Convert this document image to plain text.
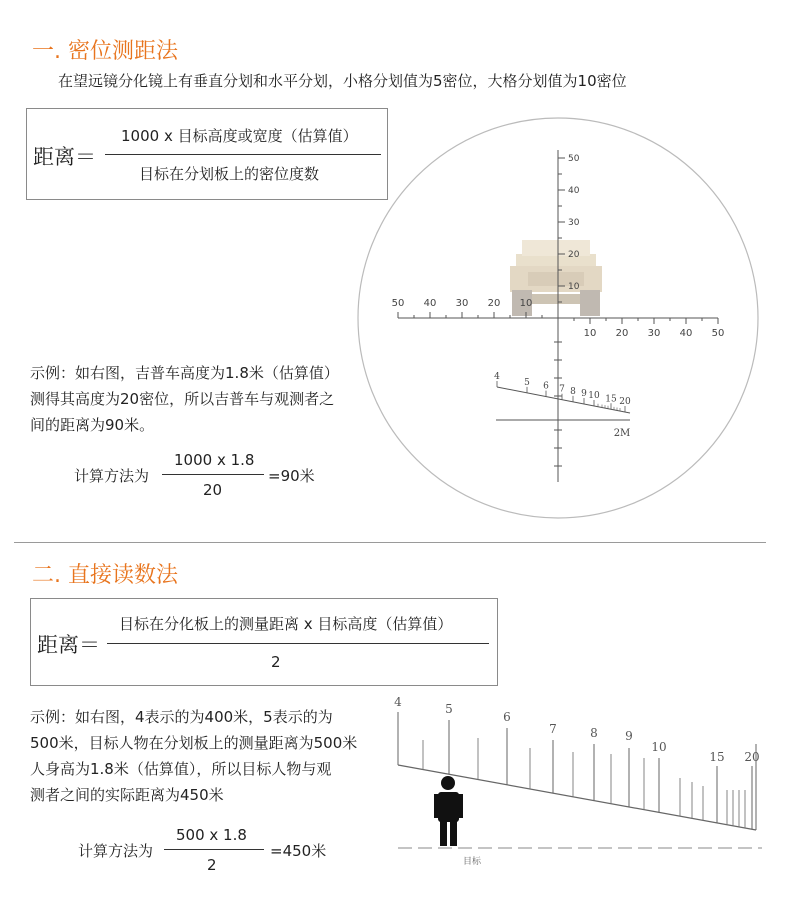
一. 密位测距法
在望远镜分化镜上有垂直分划和水平分划，小格分划值为5密位，大格分划值为10密位
距离＝
1000 x 目标高度或宽度（估算值）
目标在分划板上的密位度数
示例：如右图，吉普车高度为1.8米（估算值）
测得其高度为20密位，所以吉普车与观测者之
间的距离为90米。
计算方法为
1000 x 1.8
20
=90米
二. 直接读数法
距离＝
目标在分化板上的测量距离 x 目标高度（估算值）
2
示例：如右图，4表示的为400米，5表示的为
500米，目标人物在分划板上的测量距离为500米
人身高为1.8米（估算值），所以目标人物与观
测者之间的实际距离为450米
计算方法为
500 x 1.8
2
=450米
50 40 30 20 10
10 20 30 40 50
50
40
30
20
10
4
5 6 7 8 9 10 15 20
2M
4	5
6
7	8 9
10
15 20
目标
